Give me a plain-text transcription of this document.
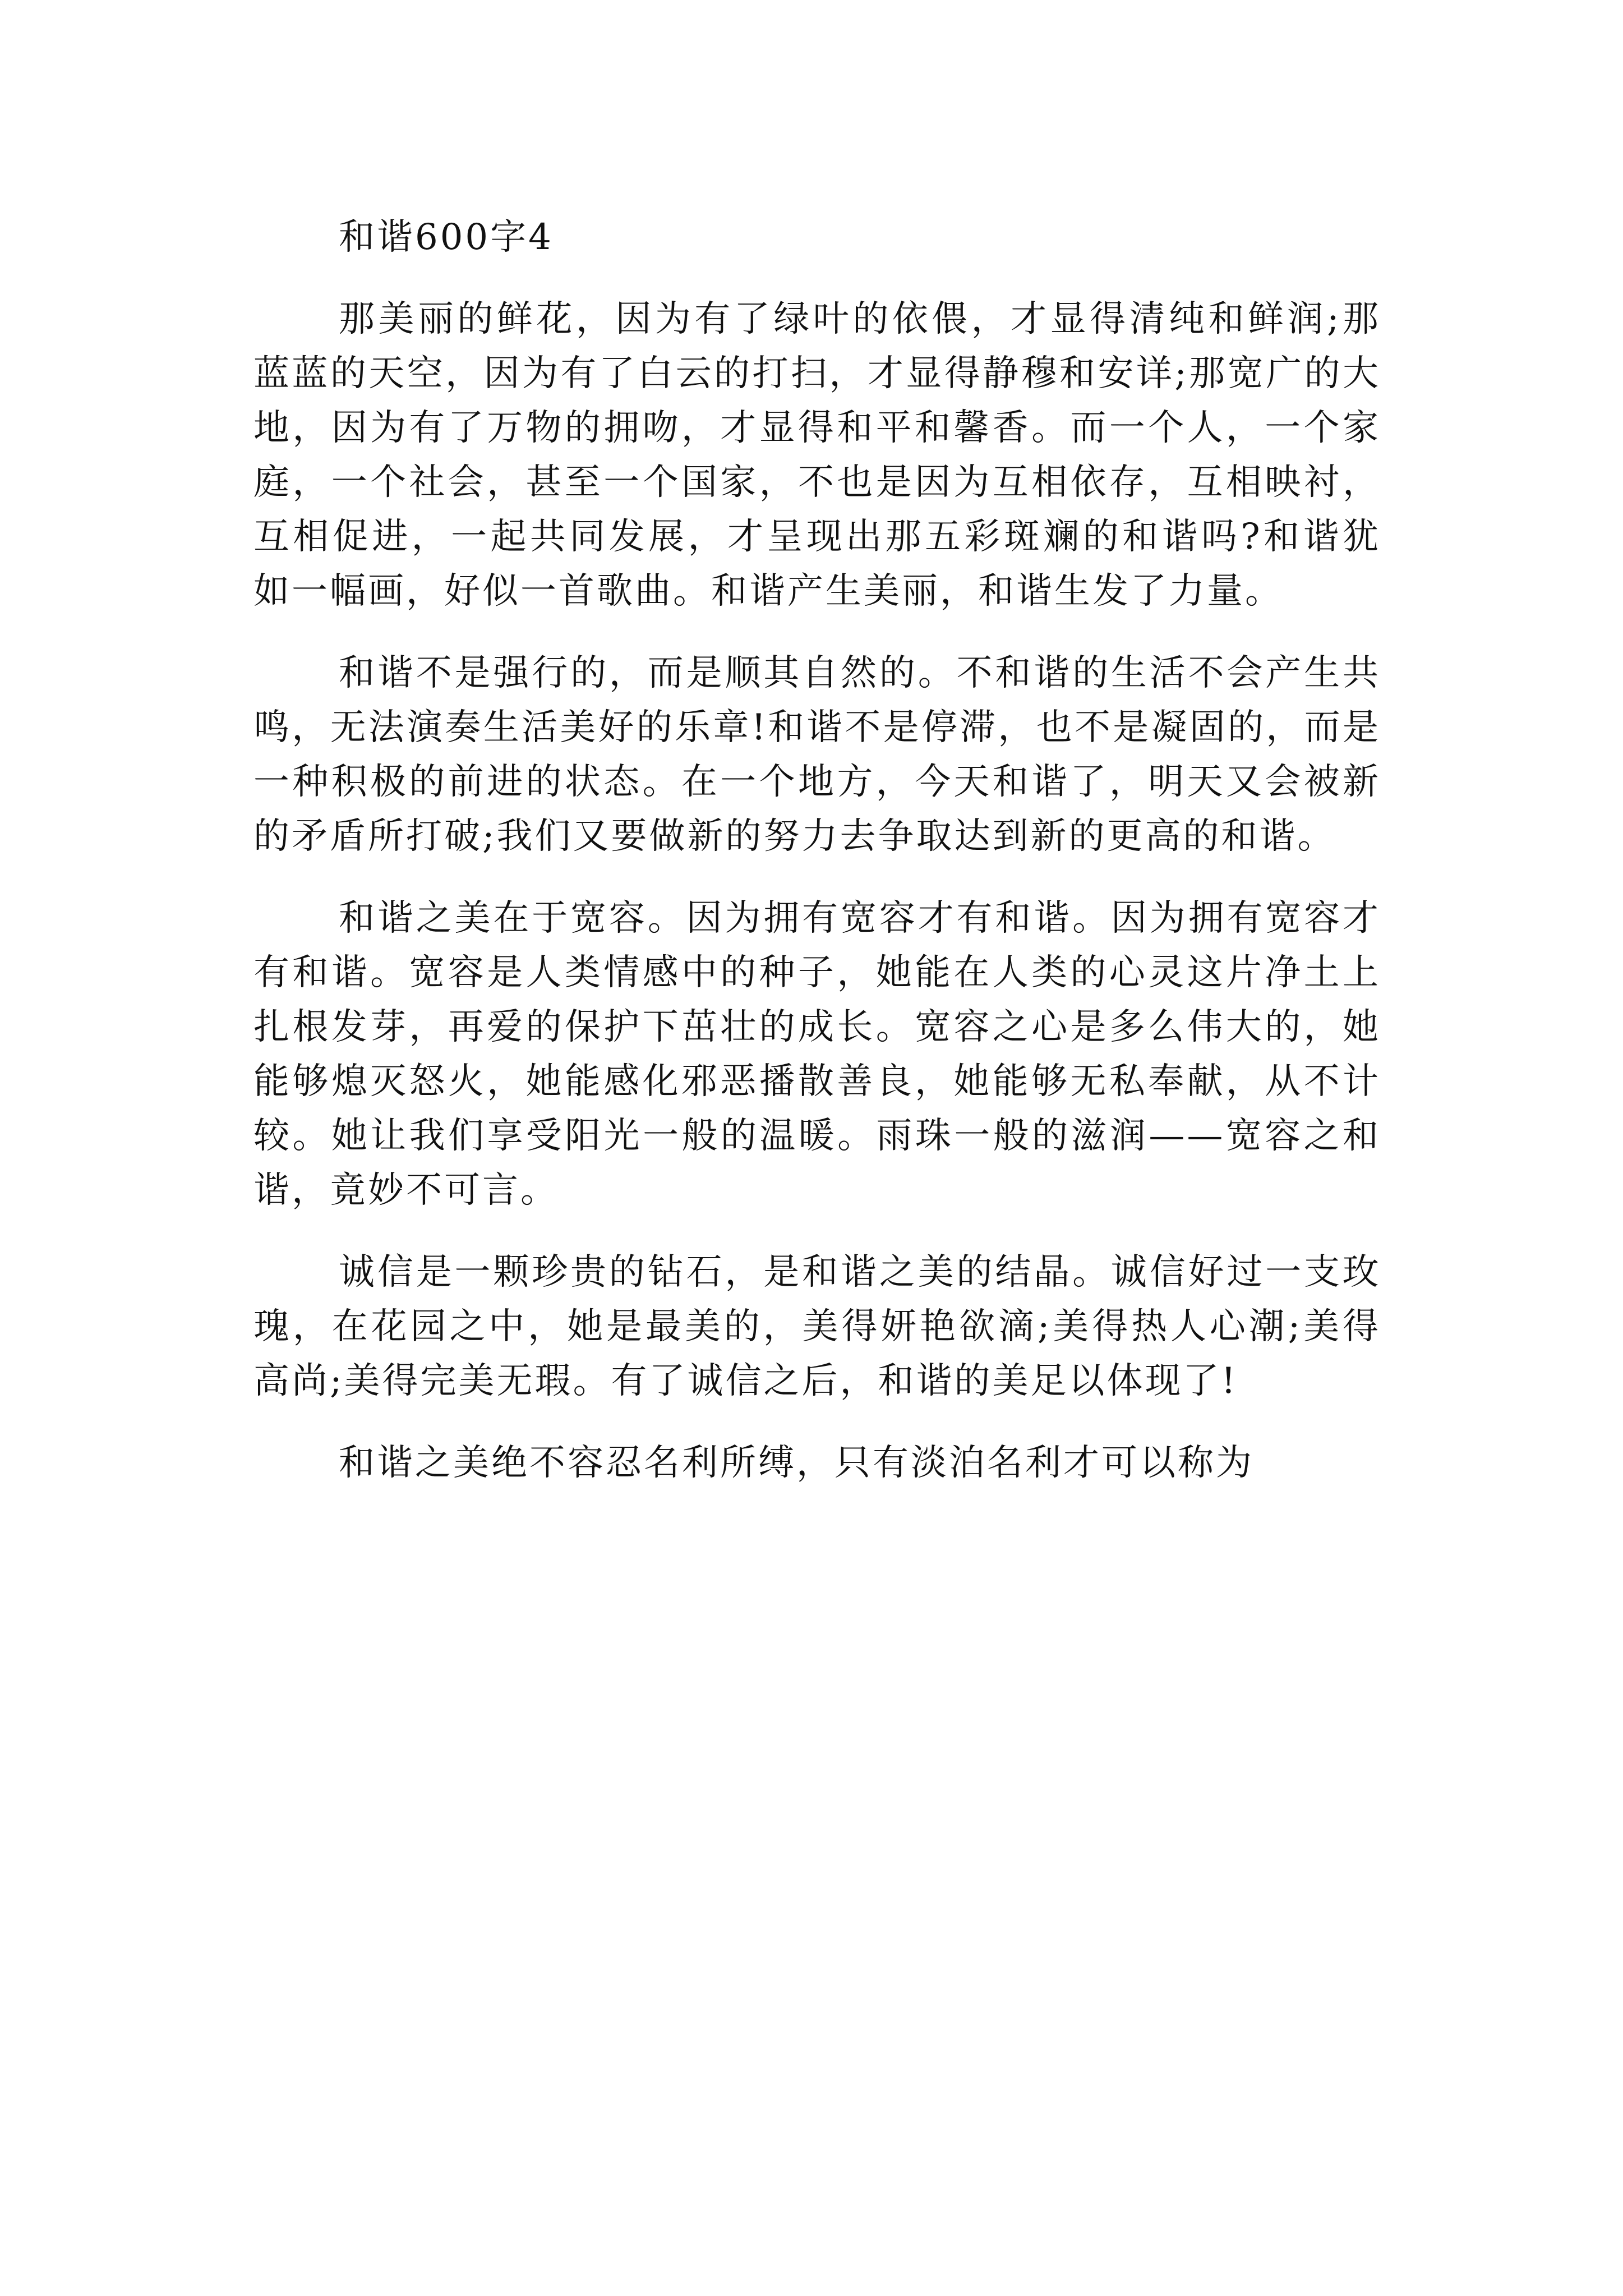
和谐600字4

那美丽的鲜花，因为有了绿叶的依偎，才显得清纯和鲜润;那蓝蓝的天空，因为有了白云的打扫，才显得静穆和安详;那宽广的大地，因为有了万物的拥吻，才显得和平和馨香。而一个人，一个家庭，一个社会，甚至一个国家，不也是因为互相依存，互相映衬，互相促进，一起共同发展，才呈现出那五彩斑斓的和谐吗?和谐犹如一幅画，好似一首歌曲。和谐产生美丽，和谐生发了力量。

和谐不是强行的，而是顺其自然的。不和谐的生活不会产生共鸣，无法演奏生活美好的乐章!和谐不是停滞，也不是凝固的，而是一种积极的前进的状态。在一个地方，今天和谐了，明天又会被新的矛盾所打破;我们又要做新的努力去争取达到新的更高的和谐。

和谐之美在于宽容。因为拥有宽容才有和谐。因为拥有宽容才有和谐。宽容是人类情感中的种子，她能在人类的心灵这片净土上扎根发芽，再爱的保护下茁壮的成长。宽容之心是多么伟大的，她能够熄灭怒火，她能感化邪恶播散善良，她能够无私奉献，从不计较。她让我们享受阳光一般的温暖。雨珠一般的滋润——宽容之和谐，竟妙不可言。

诚信是一颗珍贵的钻石，是和谐之美的结晶。诚信好过一支玫瑰，在花园之中，她是最美的，美得妍艳欲滴;美得热人心潮;美得高尚;美得完美无瑕。有了诚信之后，和谐的美足以体现了!

和谐之美绝不容忍名利所缚，只有淡泊名利才可以称为
